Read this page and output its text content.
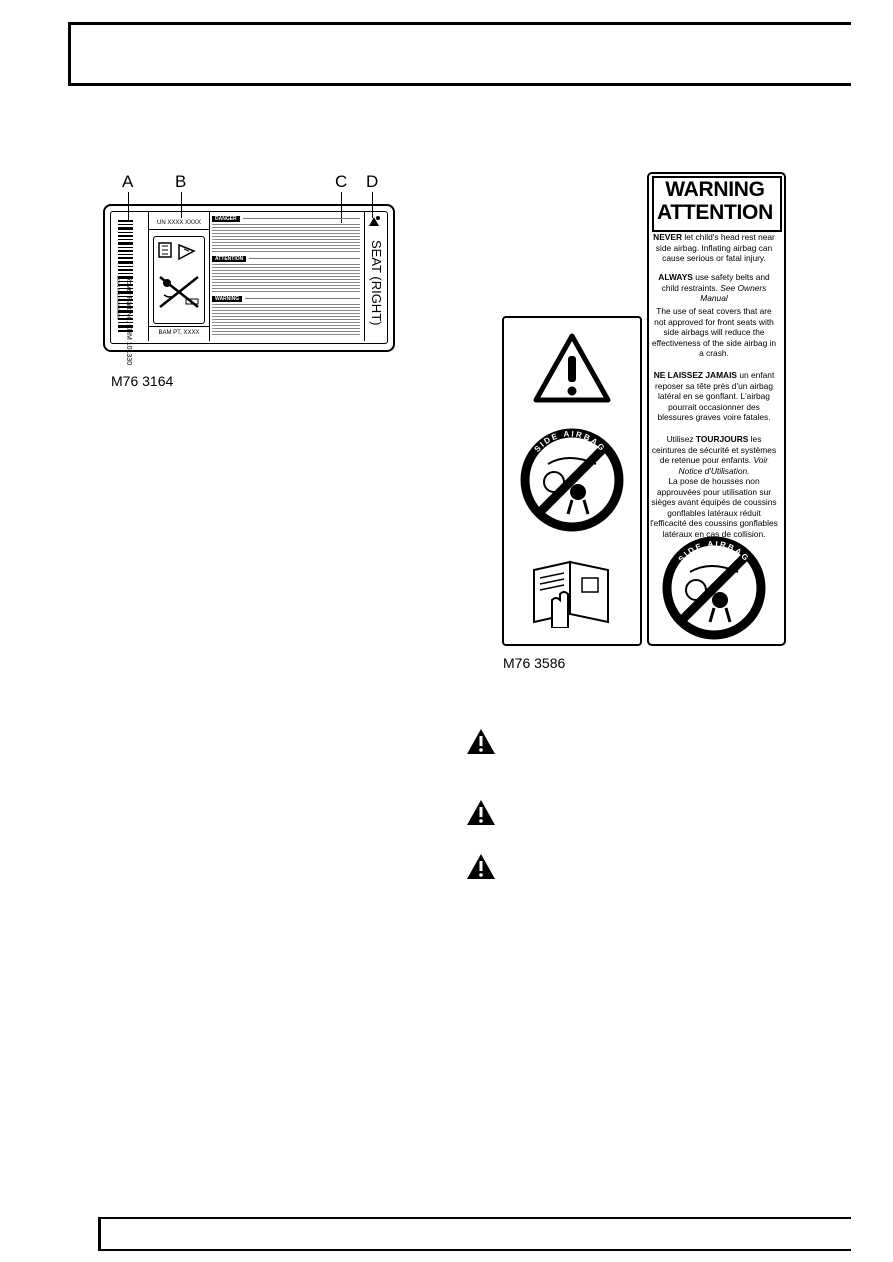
A B	C D
Rover Part No. EHM 101330
AO0N 0V030000000000
UN XXXX XXXX
BAM PT, XXXX
DANGER
ATTENTION
WARNING	SEAT (RIGHT)
M76 3164
WARNING
ATTENTION
NEVER let child's head rest near side airbag. Inflating airbag can cause serious or fatal injury.
ALWAYS use safety belts and child restraints. See Owners Manual
The use of seat covers that are not approved for front seats with side airbags will reduce the effectiveness of the side airbag in a crash.
NE LAISSEZ JAMAIS un enfant reposer sa tête près d'un airbag latéral en se gonflant. L'airbag pourrait occasionner des blessures graves voire fatales.
Utilisez TOURJOURS les ceintures de sécurité et systèmes de retenue pour enfants. Voir Notice d'Utilisation.
La pose de housses non approuvées pour utilisation sur sièges avant équipés de coussins gonflables latéraux réduit l'efficacité des coussins gonflables latéraux en cas de collision.
M76 3586
SIDE AIRBAG
SIDE AIRBAG
